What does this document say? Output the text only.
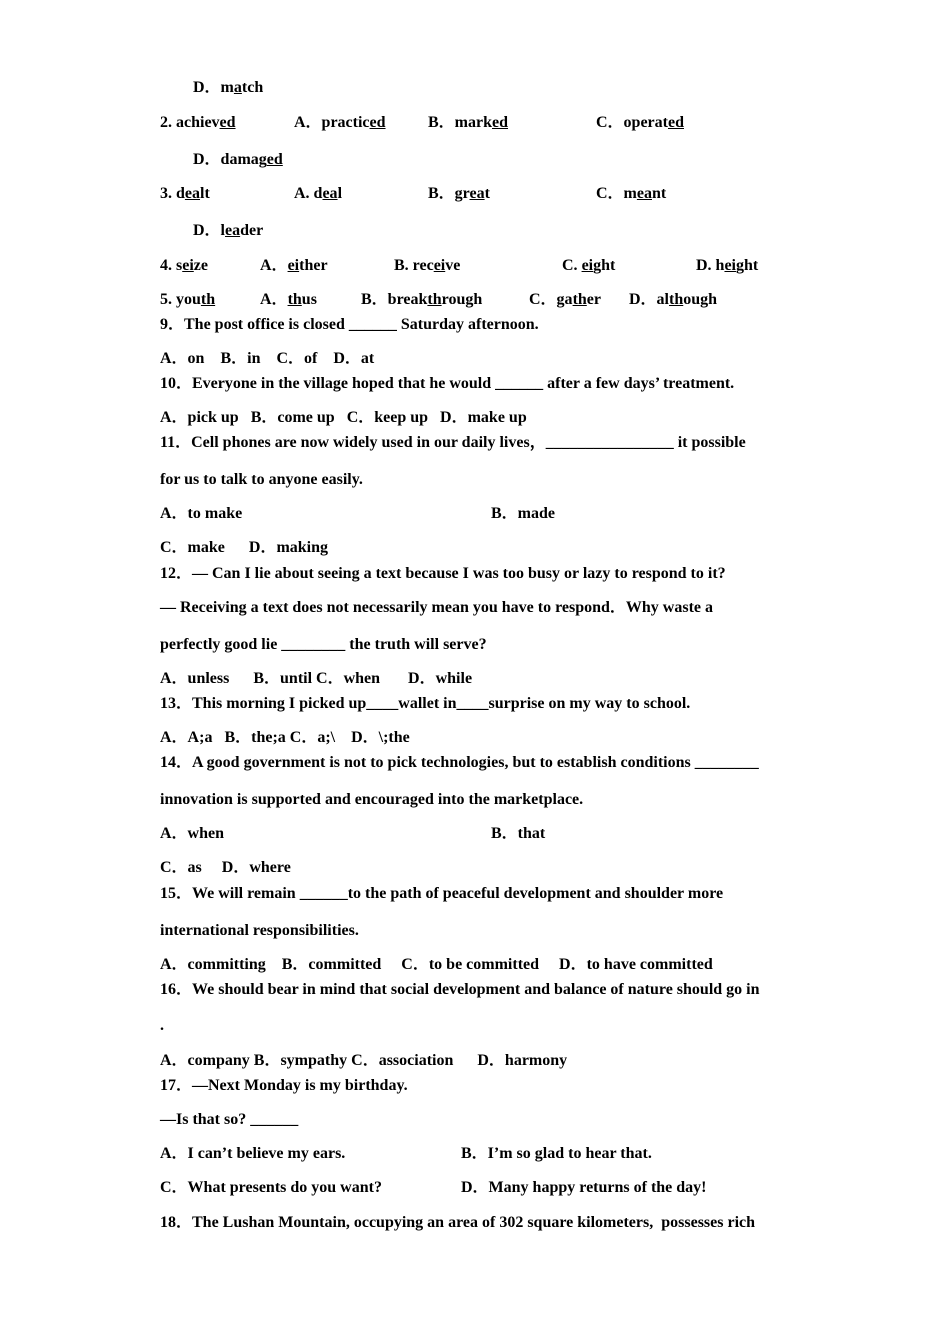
D．match
2. achieved	A．practiced	B．marked	C．operated
D．damaged
3. dealt	A. deal	B．great	C．meant
D．leader
4. seize	A．either	B. receive	C. eight	D. height
5. youth	A．thus	B．breakthrough	C．gather D．although
9．The post office is closed ______ Saturday afternoon.
A．on    B．in    C．of    D．at
10．Everyone in the village hoped that he would ______ after a few days’ treatment.
A．pick up   B．come up   C．keep up   D．make up
11．Cell phones are now widely used in our daily lives，________________ it possible
for us to talk to anyone easily.
A．to make	B．made
C．make      D．making
12．— Can I lie about seeing a text because I was too busy or lazy to respond to it?
— Receiving a text does not necessarily mean you have to respond．Why waste a
perfectly good lie ________ the truth will serve?
A．unless      B．until C．when       D．while
13．This morning I picked up____wallet in____surprise on my way to school.
A．A;a   B．the;a C．a;\    D．\;the
14．A good government is not to pick technologies, but to establish conditions ________
innovation is supported and encouraged into the marketplace.
A．when	B．that
C．as     D．where
15．We will remain ______to the path of peaceful development and shoulder more
international responsibilities.
A．committing    B．committed     C．to be committed     D．to have committed
16．We should bear in mind that social development and balance of nature should go in
.
A．company B．sympathy C．association      D．harmony
17．—Next Monday is my birthday.
—Is that so? ______
A．I can’t believe my ears.	B．I’m so glad to hear that.
C．What presents do you want?	D．Many happy returns of the day!
18．The Lushan Mountain, occupying an area of 302 square kilometers,  possesses rich
